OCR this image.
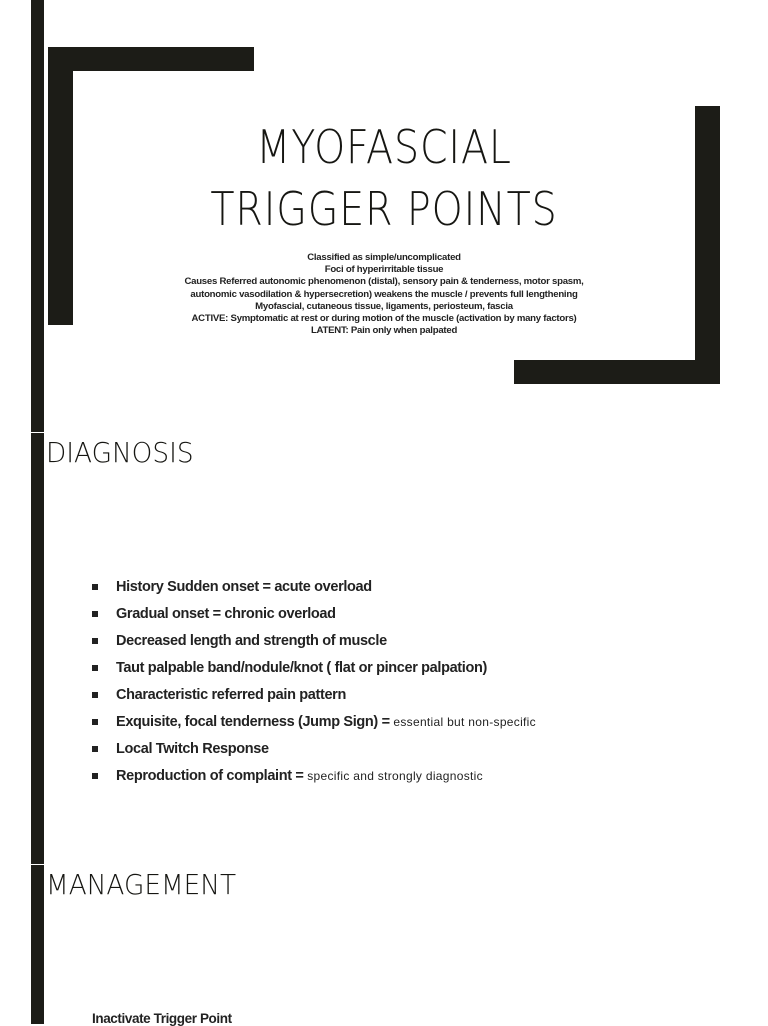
MYOFASCIAL
TRIGGER POINTS
Classified as simple/uncomplicated
Foci of hyperirritable tissue
Causes Referred autonomic phenomenon (distal), sensory pain & tenderness, motor spasm,
autonomic vasodilation & hypersecretion) weakens the muscle / prevents full lengthening
Myofascial, cutaneous tissue, ligaments, periosteum, fascia
ACTIVE: Symptomatic at rest or during motion of the muscle (activation by many factors)
LATENT: Pain only when palpated
DIAGNOSIS
History Sudden onset = acute overload
Gradual onset = chronic overload
Decreased length and strength of muscle
Taut palpable band/nodule/knot ( flat or pincer palpation)
Characteristic referred pain pattern
Exquisite, focal tenderness (Jump Sign) = essential but non-specific
Local Twitch Response
Reproduction of complaint = specific and strongly diagnostic
MANAGEMENT
Inactivate Trigger Point
